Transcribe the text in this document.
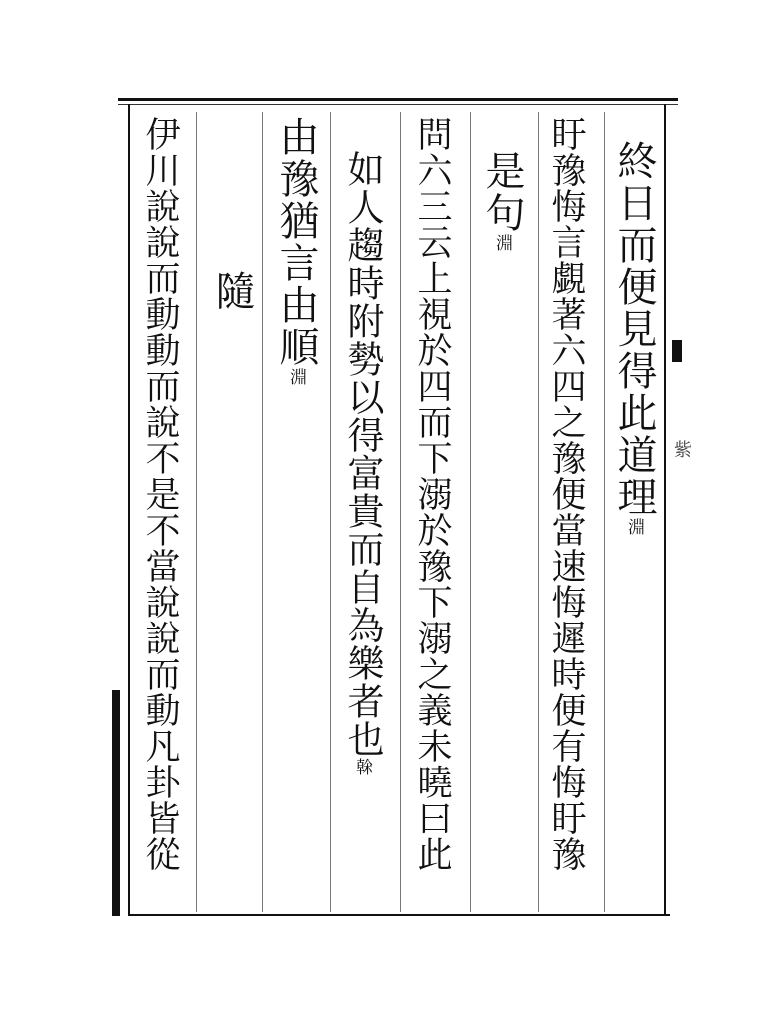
紫
終日而便見得此道理淵
盱豫悔言覷著六四之豫便當速悔遲時便有悔盱豫
是句淵
問六三云上視於四而下溺於豫下溺之義未曉曰此
如人趨時附勢以得富貴而自為樂者也榦
由豫猶言由順淵
隨
伊川說說而動動而說不是不當說說而動凡卦皆從
